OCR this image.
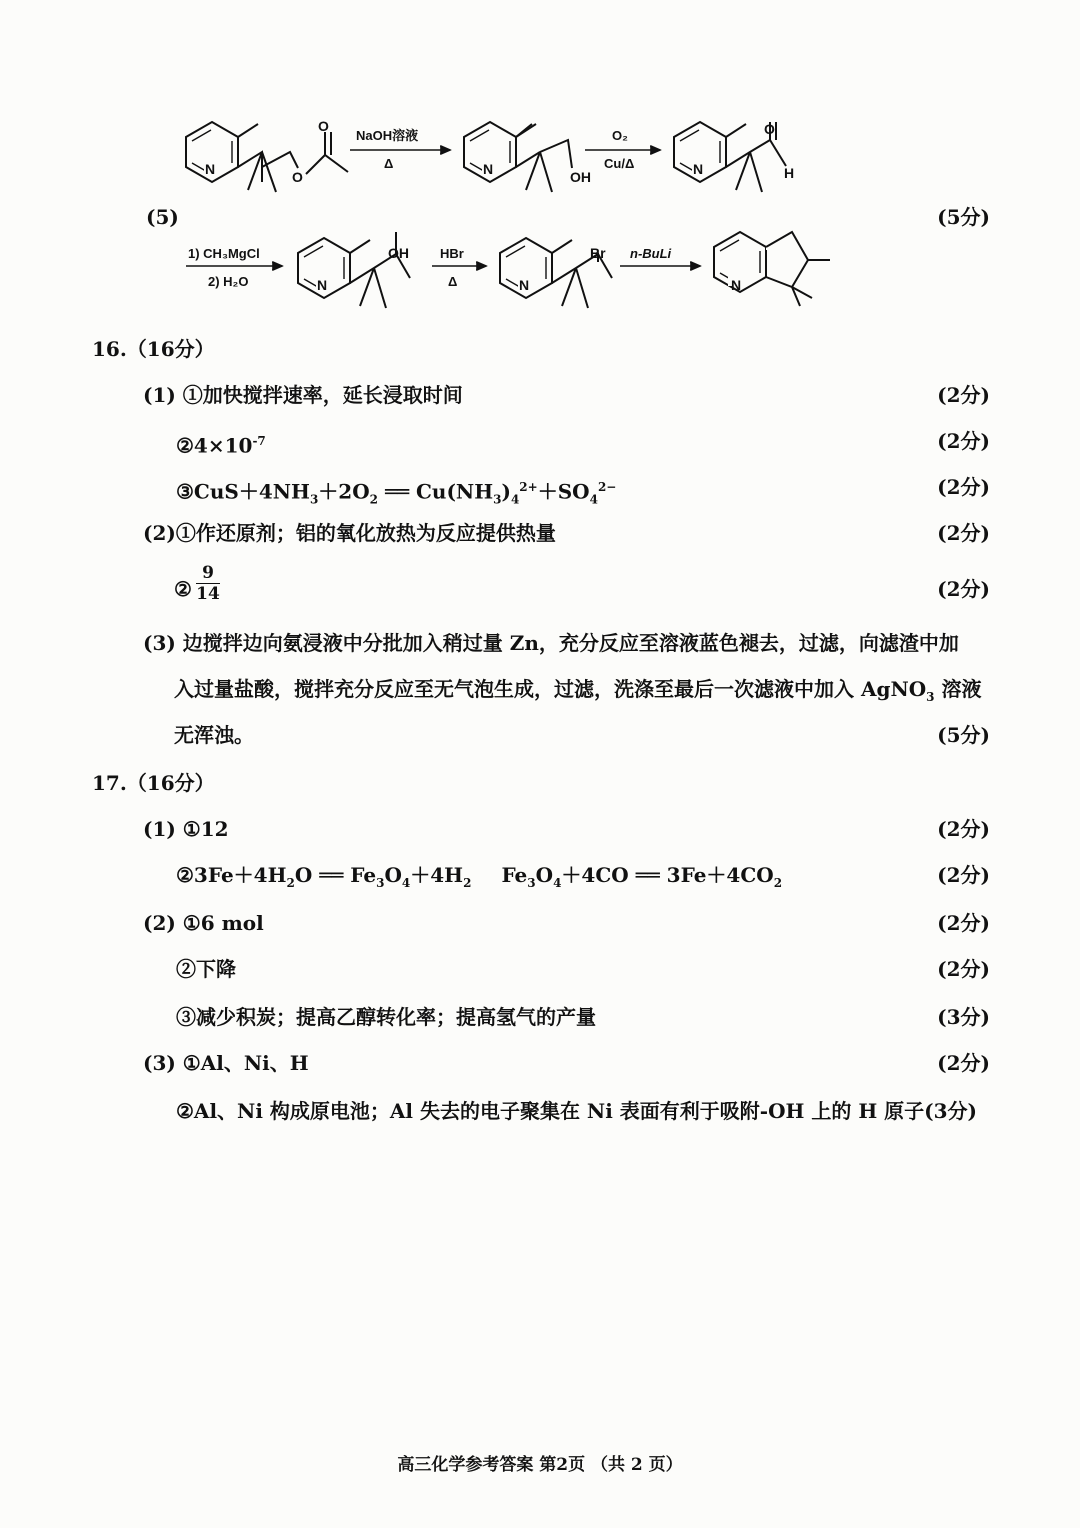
N	O
O
NaOH溶液
Δ	N	OH
O₂
Cu/Δ	N
O
H
1) CH₃MgCl
2) H₂O	N
OH HBr
Δ	N
Br n-BuLi
N
(5)	(5分)
16.（16分）
(1) ①加快搅拌速率，延长浸取时间	(2分)
$②4\times 10^{-7}$	(2分)
$③CuS+4NH_3+2O_2$ ══ $Cu(NH_3)_4^{2+}+SO_4^{2-}$	(2分)
(2)①作还原剂；铝的氧化放热为反应提供热量	(2分)
②
9
14	(2分)
(3) 边搅拌边向氨浸液中分批加入稍过量 Zn，充分反应至溶液蓝色褪去，过滤，向滤渣中加
入过量盐酸，搅拌充分反应至无气泡生成，过滤，洗涤至最后一次滤液中加入 AgNO$_3$ 溶液
无浑浊。	(5分)
17.（16分）
(1) ①12	(2分)
$②3Fe+4H_2O$ ══ $Fe_3O_4+4H_2$ $Fe_3O_4+4CO$ ══ $3Fe+4CO_2$	(2分)
(2) ①6 mol	(2分)
②下降	(2分)
③减少积炭；提高乙醇转化率；提高氢气的产量	(3分)
(3) ①Al、Ni、H	(2分)
②Al、Ni 构成原电池；Al 失去的电子聚集在 Ni 表面有利于吸附-OH 上的 H 原子(3分)
高三化学参考答案 第2页 （共 2 页）
